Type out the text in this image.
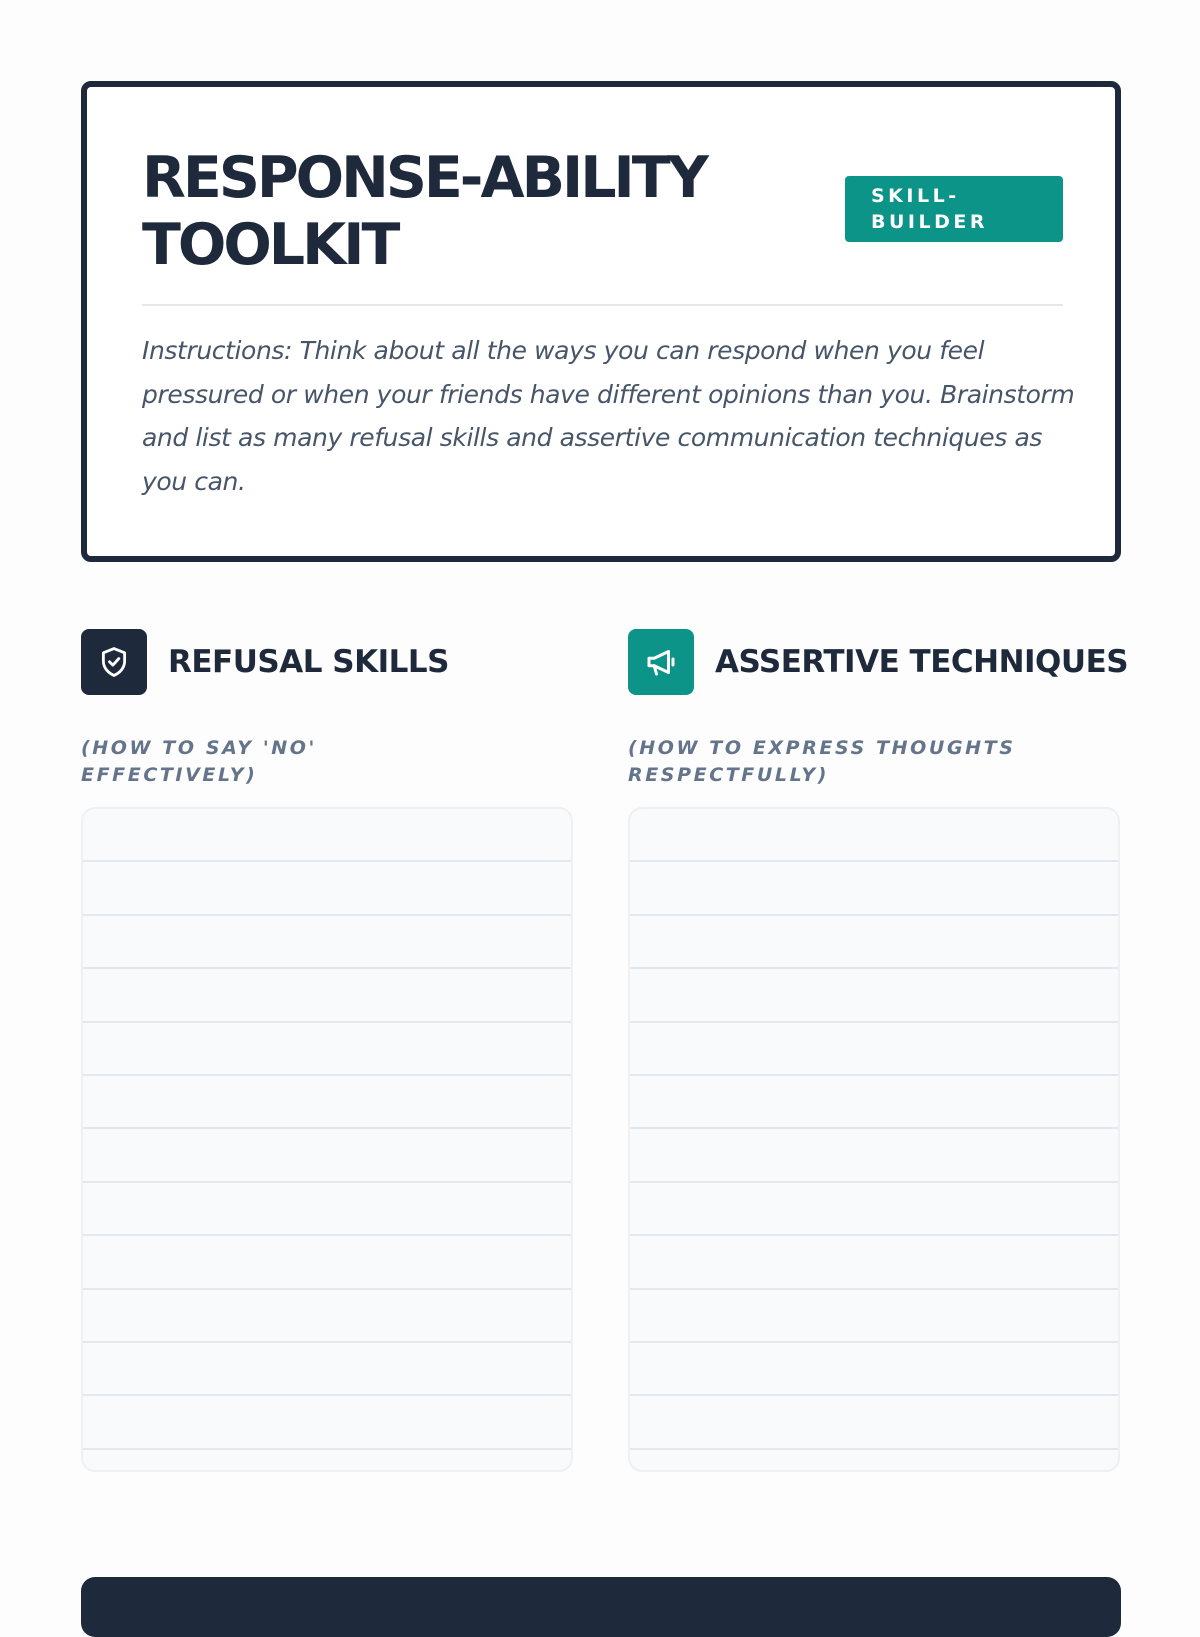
RESPONSE-ABILITY
TOOLKIT
SKILL-
BUILDER

Instructions: Think about all the ways you can respond when you feel pressured or when your friends have different opinions than you. Brainstorm and list as many refusal skills and assertive communication techniques as you can.

REFUSAL SKILLS

(HOW TO SAY 'NO' EFFECTIVELY)

ASSERTIVE TECHNIQUES

(HOW TO EXPRESS THOUGHTS RESPECTFULLY)
